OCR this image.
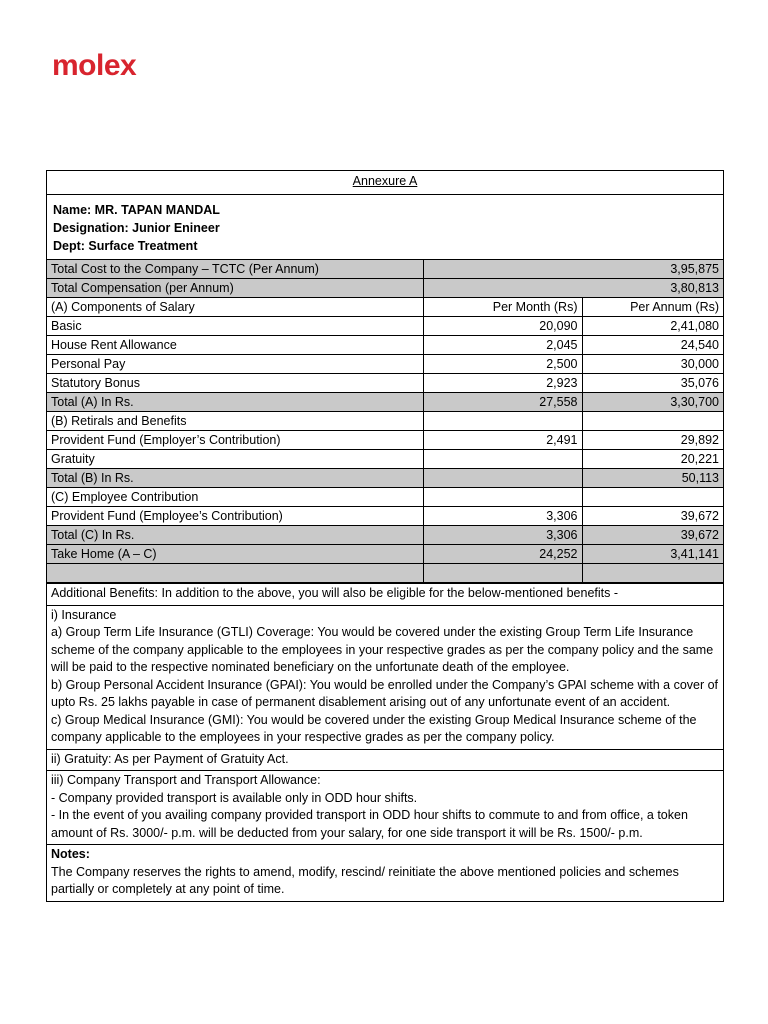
molex
Annexure A
Name: MR. TAPAN MANDAL
Designation: Junior Enineer
Dept: Surface Treatment
Total Cost to the Company – TCTC (Per Annum)	3,95,875	
Total Compensation (per Annum)	3,80,813	
(A) Components of Salary	Per Month (Rs)	Per Annum (Rs)
Basic	20,090	2,41,080
House Rent Allowance	2,045	24,540
Personal Pay	2,500	30,000
Statutory Bonus	2,923	35,076
Total (A) In Rs.	27,558	3,30,700
(B) Retirals and Benefits		
Provident Fund (Employer’s Contribution)	2,491	29,892
Gratuity		20,221
Total (B) In Rs.		50,113
(C) Employee Contribution		
Provident Fund (Employee’s Contribution)	3,306	39,672
Total (C) In Rs.	3,306	39,672
Take Home (A – C)	24,252	3,41,141

Additional Benefits: In addition to the above, you will also be eligible for the below-mentioned benefits -
i) Insurance
a) Group Term Life Insurance (GTLI) Coverage: You would be covered under the existing Group Term Life Insurance scheme of the company applicable to the employees in your respective grades as per the company policy and the same will be paid to the respective nominated beneficiary on the unfortunate death of the employee.
b) Group Personal Accident Insurance (GPAI): You would be enrolled under the Company’s GPAI scheme with a cover of upto Rs. 25 lakhs payable in case of permanent disablement arising out of any unfortunate event of an accident.
c) Group Medical Insurance (GMI): You would be covered under the existing Group Medical Insurance scheme of the company applicable to the employees in your respective grades as per the company policy.
ii) Gratuity: As per Payment of Gratuity Act.
iii) Company Transport and Transport Allowance:
- Company provided transport is available only in ODD hour shifts.
- In the event of you availing company provided transport in ODD hour shifts to commute to and from office, a token amount of Rs. 3000/- p.m. will be deducted from your salary, for one side transport it will be Rs. 1500/- p.m.
Notes:
The Company reserves the rights to amend, modify, rescind/ reinitiate the above mentioned policies and schemes partially or completely at any point of time.
